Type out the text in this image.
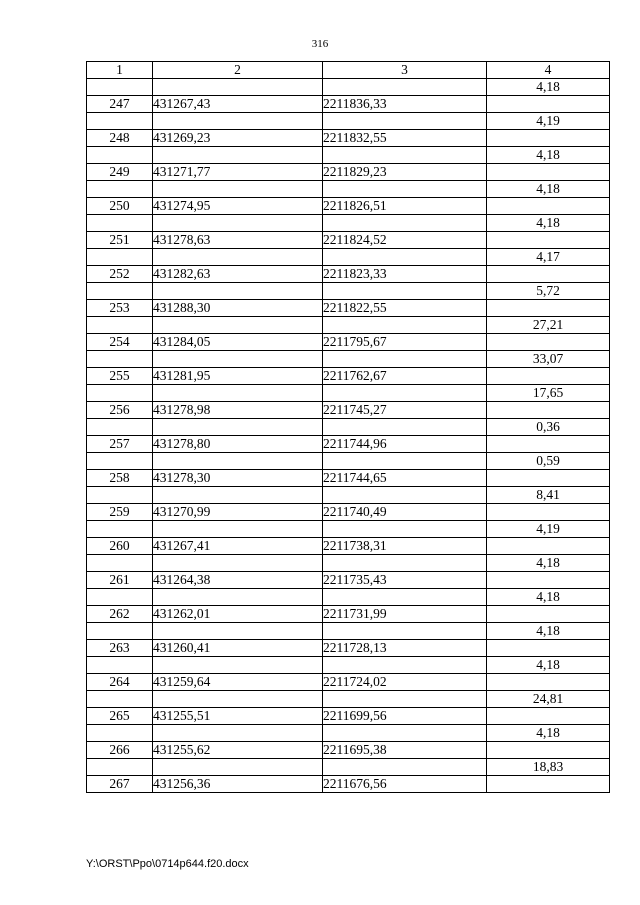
316
1	2	3	4
			4,18
247	431267,43	2211836,33	
			4,19
248	431269,23	2211832,55	
			4,18
249	431271,77	2211829,23	
			4,18
250	431274,95	2211826,51	
			4,18
251	431278,63	2211824,52	
			4,17
252	431282,63	2211823,33	
			5,72
253	431288,30	2211822,55	
			27,21
254	431284,05	2211795,67	
			33,07
255	431281,95	2211762,67	
			17,65
256	431278,98	2211745,27	
			0,36
257	431278,80	2211744,96	
			0,59
258	431278,30	2211744,65	
			8,41
259	431270,99	2211740,49	
			4,19
260	431267,41	2211738,31	
			4,18
261	431264,38	2211735,43	
			4,18
262	431262,01	2211731,99	
			4,18
263	431260,41	2211728,13	
			4,18
264	431259,64	2211724,02	
			24,81
265	431255,51	2211699,56	
			4,18
266	431255,62	2211695,38	
			18,83
267	431256,36	2211676,56	
Y:\ORST\Ppo\0714p644.f20.docx
